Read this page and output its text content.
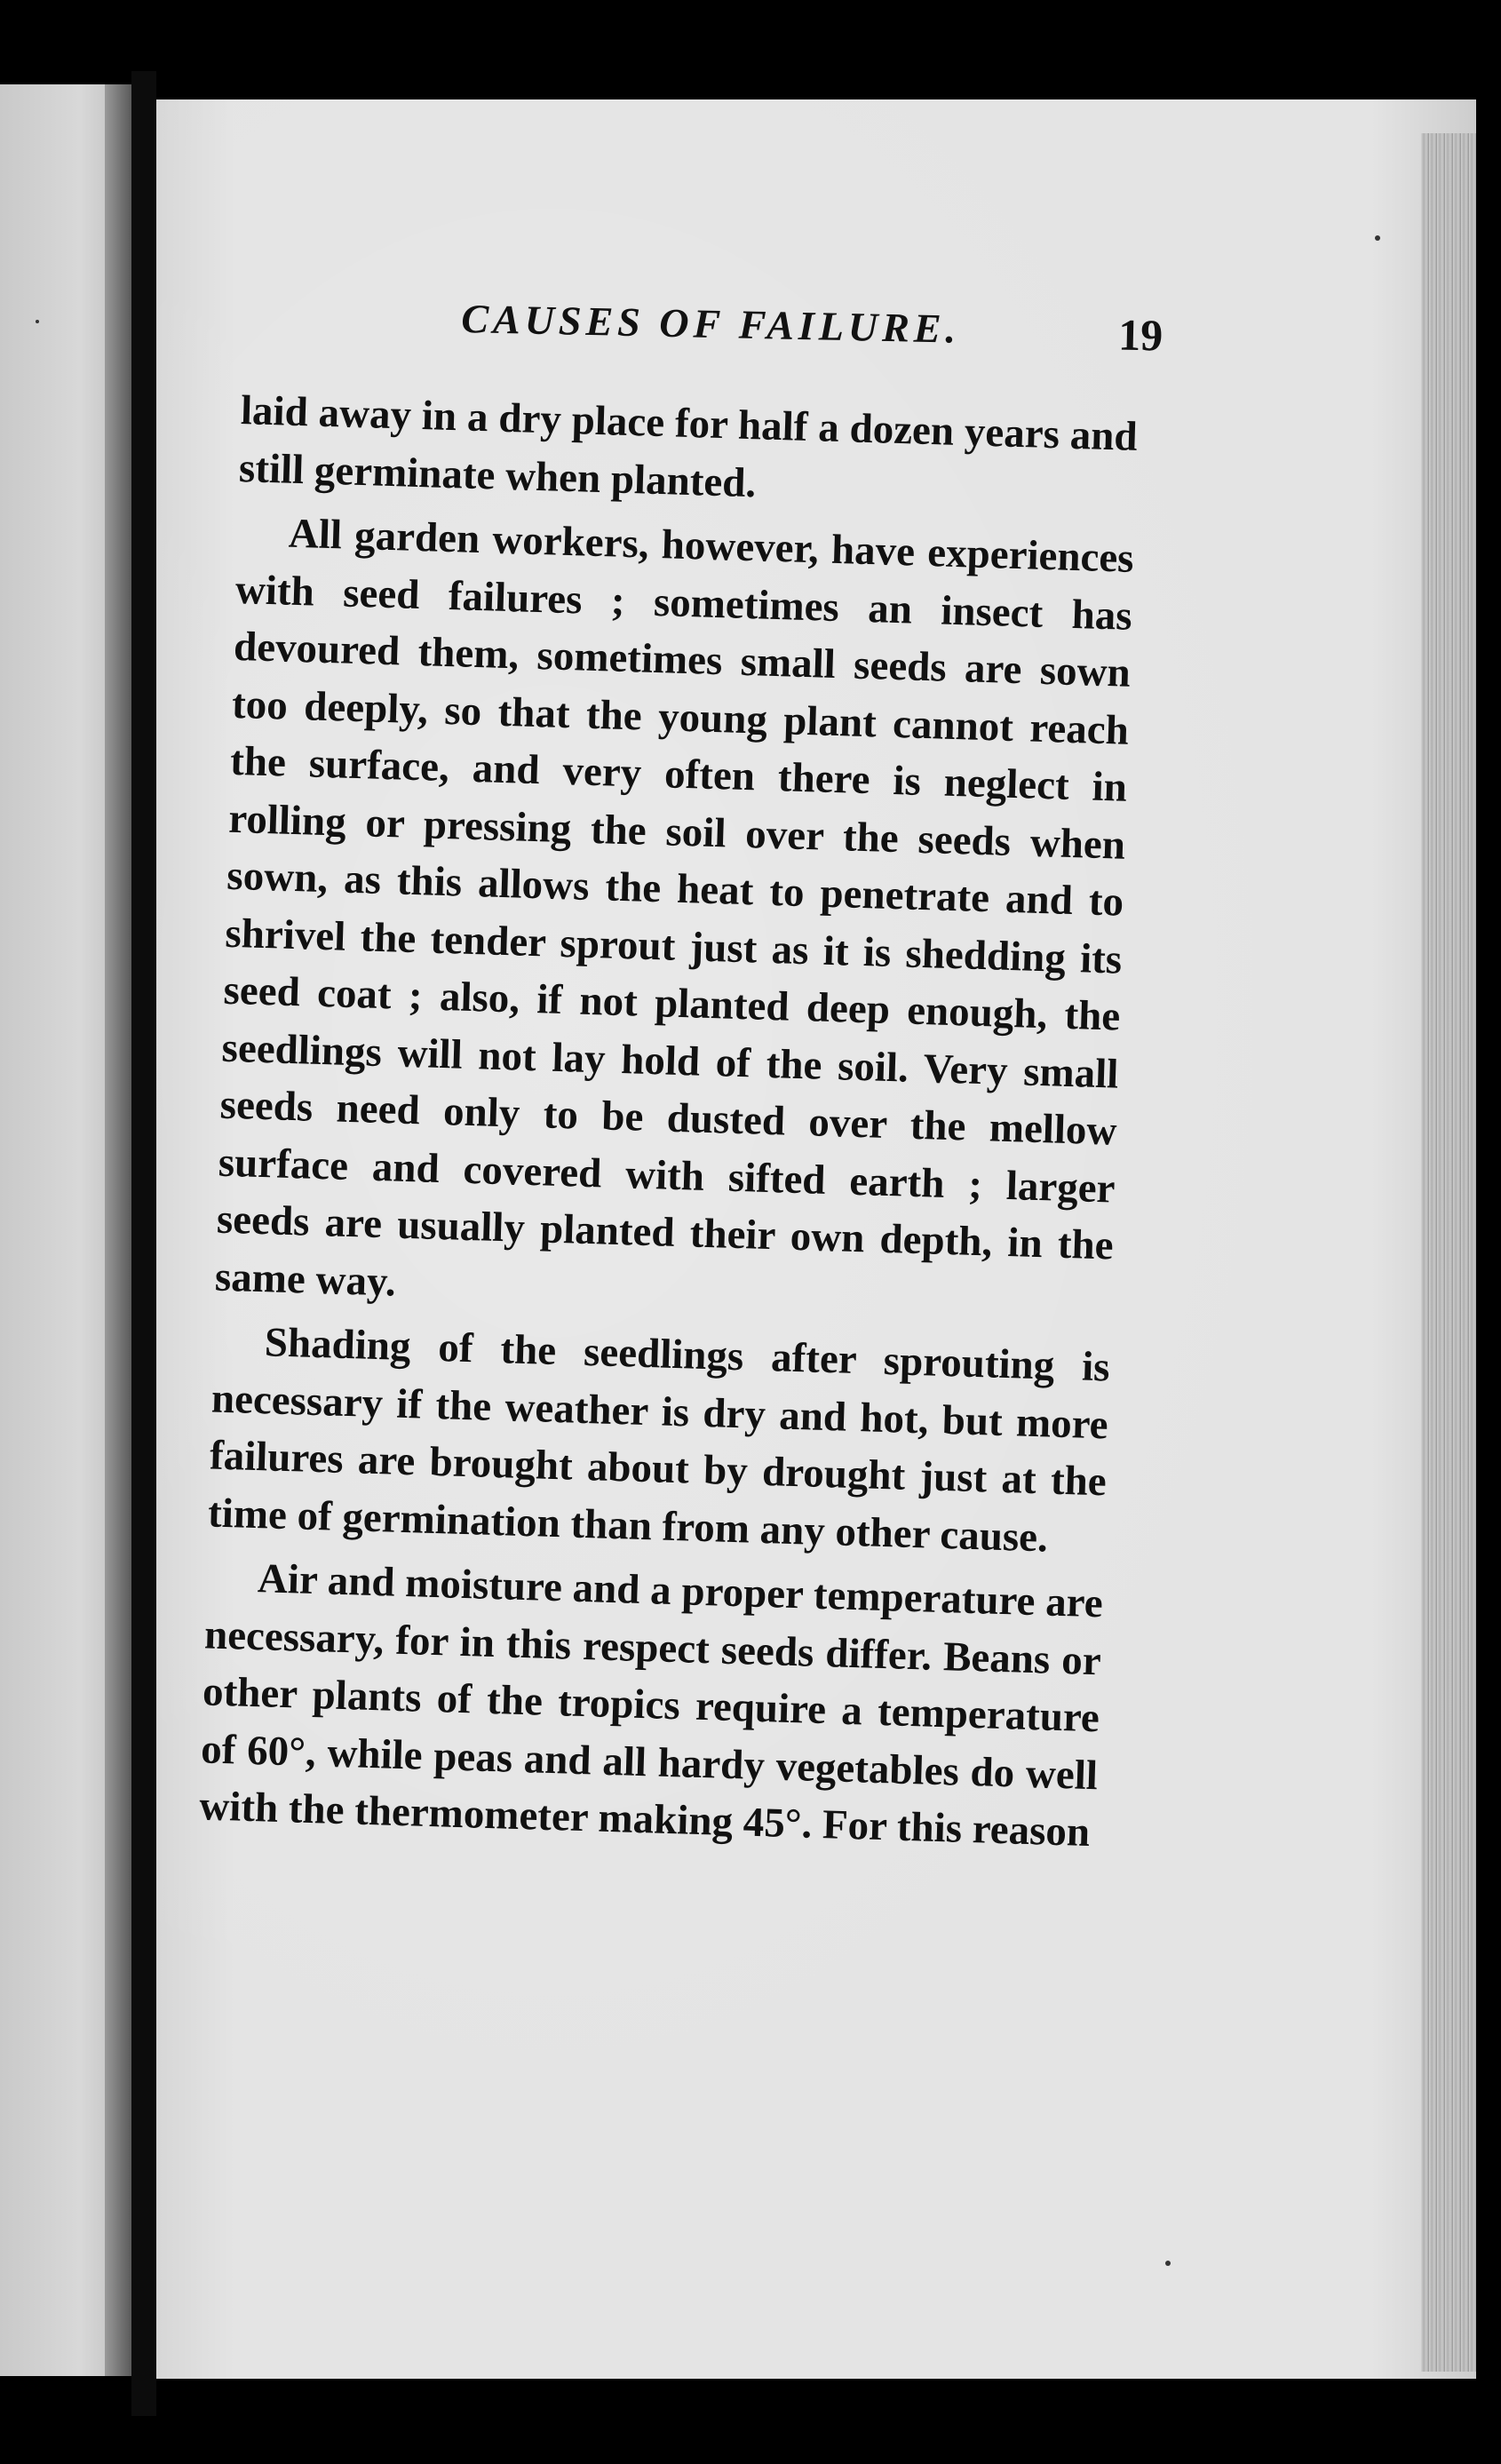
CAUSES OF FAILURE.	19

laid away in a dry place for half a dozen years and still germinate when planted.

All garden workers, however, have experiences with seed failures ; sometimes an insect has devoured them, sometimes small seeds are sown too deeply, so that the young plant cannot reach the surface, and very often there is neglect in rolling or pressing the soil over the seeds when sown, as this allows the heat to penetrate and to shrivel the tender sprout just as it is shedding its seed coat ; also, if not planted deep enough, the seedlings will not lay hold of the soil. Very small seeds need only to be dusted over the mellow surface and covered with sifted earth ; larger seeds are usually planted their own depth, in the same way.

Shading of the seedlings after sprouting is necessary if the weather is dry and hot, but more failures are brought about by drought just at the time of germination than from any other cause.

Air and moisture and a proper temperature are necessary, for in this respect seeds differ. Beans or other plants of the tropics require a temperature of 60°, while peas and all hardy vegetables do well with the thermometer making 45°. For this reason
